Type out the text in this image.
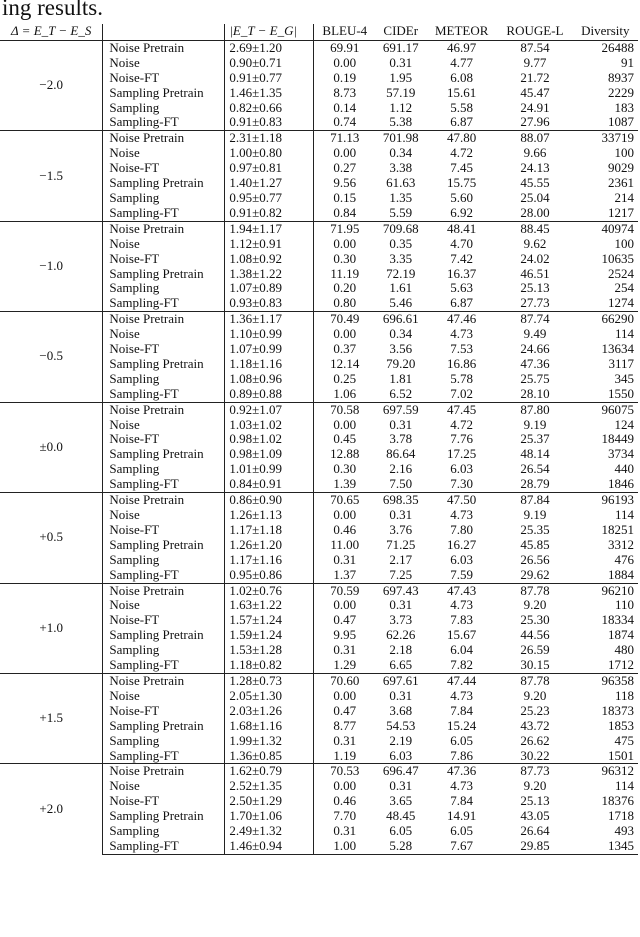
ing results.
Δ = E_T − E_S		|E_T − E_G|	BLEU-4	CIDEr	METEOR	ROUGE-L	Diversity
−2.0	Noise Pretrain	2.69±1.20	69.91	691.17	46.97	87.54	26488
	Noise	0.90±0.71	0.00	0.31	4.77	9.77	91
	Noise-FT	0.91±0.77	0.19	1.95	6.08	21.72	8937
	Sampling Pretrain	1.46±1.35	8.73	57.19	15.61	45.47	2229
	Sampling	0.82±0.66	0.14	1.12	5.58	24.91	183
	Sampling-FT	0.91±0.83	0.74	5.38	6.87	27.96	1087
−1.5	Noise Pretrain	2.31±1.18	71.13	701.98	47.80	88.07	33719
	Noise	1.00±0.80	0.00	0.34	4.72	9.66	100
	Noise-FT	0.97±0.81	0.27	3.38	7.45	24.13	9029
	Sampling Pretrain	1.40±1.27	9.56	61.63	15.75	45.55	2361
	Sampling	0.95±0.77	0.15	1.35	5.60	25.04	214
	Sampling-FT	0.91±0.82	0.84	5.59	6.92	28.00	1217
−1.0	Noise Pretrain	1.94±1.17	71.95	709.68	48.41	88.45	40974
	Noise	1.12±0.91	0.00	0.35	4.70	9.62	100
	Noise-FT	1.08±0.92	0.30	3.35	7.42	24.02	10635
	Sampling Pretrain	1.38±1.22	11.19	72.19	16.37	46.51	2524
	Sampling	1.07±0.89	0.20	1.61	5.63	25.13	254
	Sampling-FT	0.93±0.83	0.80	5.46	6.87	27.73	1274
−0.5	Noise Pretrain	1.36±1.17	70.49	696.61	47.46	87.74	66290
	Noise	1.10±0.99	0.00	0.34	4.73	9.49	114
	Noise-FT	1.07±0.99	0.37	3.56	7.53	24.66	13634
	Sampling Pretrain	1.18±1.16	12.14	79.20	16.86	47.36	3117
	Sampling	1.08±0.96	0.25	1.81	5.78	25.75	345
	Sampling-FT	0.89±0.88	1.06	6.52	7.02	28.10	1550
±0.0	Noise Pretrain	0.92±1.07	70.58	697.59	47.45	87.80	96075
	Noise	1.03±1.02	0.00	0.31	4.72	9.19	124
	Noise-FT	0.98±1.02	0.45	3.78	7.76	25.37	18449
	Sampling Pretrain	0.98±1.09	12.88	86.64	17.25	48.14	3734
	Sampling	1.01±0.99	0.30	2.16	6.03	26.54	440
	Sampling-FT	0.84±0.91	1.39	7.50	7.30	28.79	1846
+0.5	Noise Pretrain	0.86±0.90	70.65	698.35	47.50	87.84	96193
	Noise	1.26±1.13	0.00	0.31	4.73	9.19	114
	Noise-FT	1.17±1.18	0.46	3.76	7.80	25.35	18251
	Sampling Pretrain	1.26±1.20	11.00	71.25	16.27	45.85	3312
	Sampling	1.17±1.16	0.31	2.17	6.03	26.56	476
	Sampling-FT	0.95±0.86	1.37	7.25	7.59	29.62	1884
+1.0	Noise Pretrain	1.02±0.76	70.59	697.43	47.43	87.78	96210
	Noise	1.63±1.22	0.00	0.31	4.73	9.20	110
	Noise-FT	1.57±1.24	0.47	3.73	7.83	25.30	18334
	Sampling Pretrain	1.59±1.24	9.95	62.26	15.67	44.56	1874
	Sampling	1.53±1.28	0.31	2.18	6.04	26.59	480
	Sampling-FT	1.18±0.82	1.29	6.65	7.82	30.15	1712
+1.5	Noise Pretrain	1.28±0.73	70.60	697.61	47.44	87.78	96358
	Noise	2.05±1.30	0.00	0.31	4.73	9.20	118
	Noise-FT	2.03±1.26	0.47	3.68	7.84	25.23	18373
	Sampling Pretrain	1.68±1.16	8.77	54.53	15.24	43.72	1853
	Sampling	1.99±1.32	0.31	2.19	6.05	26.62	475
	Sampling-FT	1.36±0.85	1.19	6.03	7.86	30.22	1501
+2.0	Noise Pretrain	1.62±0.79	70.53	696.47	47.36	87.73	96312
	Noise	2.52±1.35	0.00	0.31	4.73	9.20	114
	Noise-FT	2.50±1.29	0.46	3.65	7.84	25.13	18376
	Sampling Pretrain	1.70±1.06	7.70	48.45	14.91	43.05	1718
	Sampling	2.49±1.32	0.31	6.05	6.05	26.64	493
	Sampling-FT	1.46±0.94	1.00	5.28	7.67	29.85	1345
